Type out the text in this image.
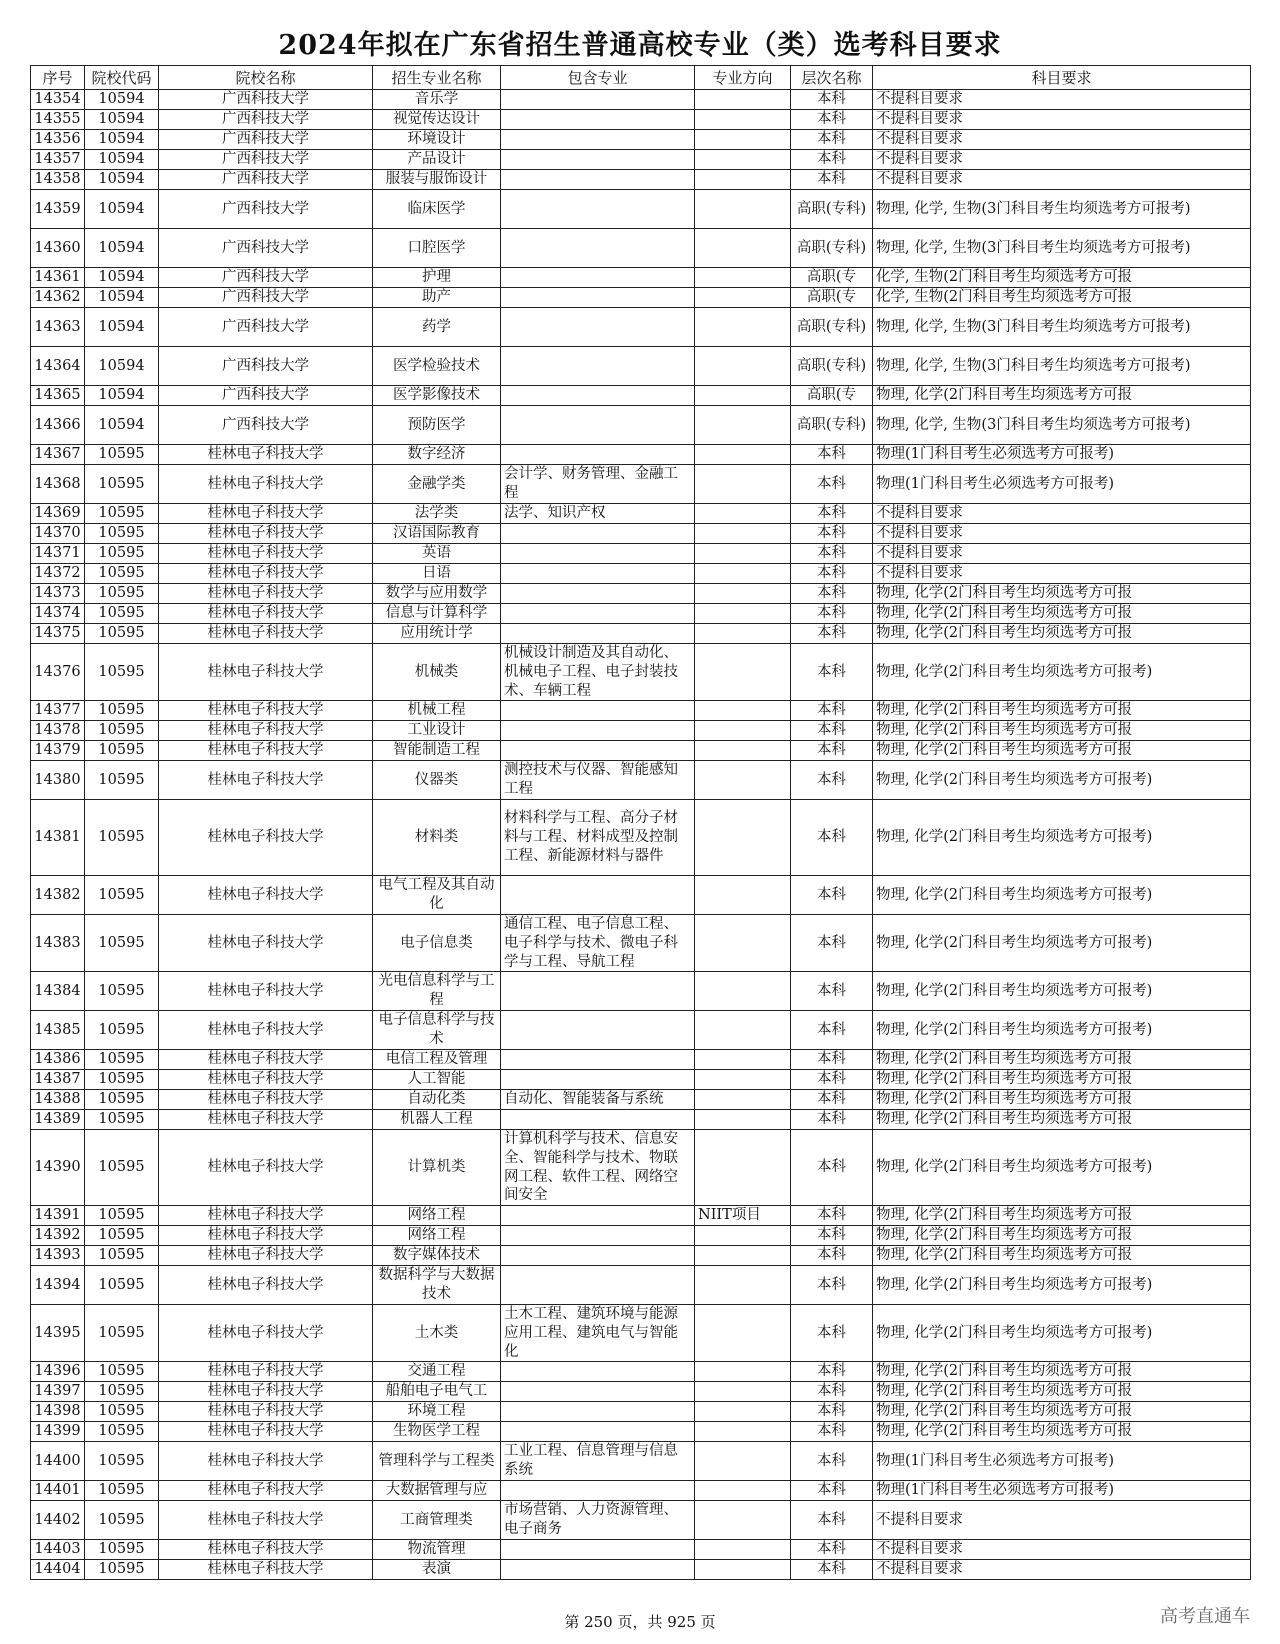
2024年拟在广东省招生普通高校专业（类）选考科目要求
序号	院校代码	院校名称	招生专业名称	包含专业	专业方向	层次名称	科目要求

14354	10594	广西科技大学	音乐学			本科	不提科目要求

14355	10594	广西科技大学	视觉传达设计			本科	不提科目要求

14356	10594	广西科技大学	环境设计			本科	不提科目要求

14357	10594	广西科技大学	产品设计			本科	不提科目要求

14358	10594	广西科技大学	服装与服饰设计			本科	不提科目要求

14359	10594	广西科技大学	临床医学			高职(专科)	物理, 化学, 生物(3门科目考生均须选考方可报考)

14360	10594	广西科技大学	口腔医学			高职(专科)	物理, 化学, 生物(3门科目考生均须选考方可报考)

14361	10594	广西科技大学	护理			高职(专	化学, 生物(2门科目考生均须选考方可报

14362	10594	广西科技大学	助产			高职(专	化学, 生物(2门科目考生均须选考方可报

14363	10594	广西科技大学	药学			高职(专科)	物理, 化学, 生物(3门科目考生均须选考方可报考)

14364	10594	广西科技大学	医学检验技术			高职(专科)	物理, 化学, 生物(3门科目考生均须选考方可报考)

14365	10594	广西科技大学	医学影像技术			高职(专	物理, 化学(2门科目考生均须选考方可报

14366	10594	广西科技大学	预防医学			高职(专科)	物理, 化学, 生物(3门科目考生均须选考方可报考)

14367	10595	桂林电子科技大学	数字经济			本科	物理(1门科目考生必须选考方可报考)

14368	10595	桂林电子科技大学	金融学类	会计学、财务管理、金融工程		本科	物理(1门科目考生必须选考方可报考)

14369	10595	桂林电子科技大学	法学类	法学、知识产权		本科	不提科目要求

14370	10595	桂林电子科技大学	汉语国际教育			本科	不提科目要求

14371	10595	桂林电子科技大学	英语			本科	不提科目要求

14372	10595	桂林电子科技大学	日语			本科	不提科目要求

14373	10595	桂林电子科技大学	数学与应用数学			本科	物理, 化学(2门科目考生均须选考方可报

14374	10595	桂林电子科技大学	信息与计算科学			本科	物理, 化学(2门科目考生均须选考方可报

14375	10595	桂林电子科技大学	应用统计学			本科	物理, 化学(2门科目考生均须选考方可报

14376	10595	桂林电子科技大学	机械类	机械设计制造及其自动化、机械电子工程、电子封装技术、车辆工程		本科	物理, 化学(2门科目考生均须选考方可报考)

14377	10595	桂林电子科技大学	机械工程			本科	物理, 化学(2门科目考生均须选考方可报

14378	10595	桂林电子科技大学	工业设计			本科	物理, 化学(2门科目考生均须选考方可报

14379	10595	桂林电子科技大学	智能制造工程			本科	物理, 化学(2门科目考生均须选考方可报

14380	10595	桂林电子科技大学	仪器类	测控技术与仪器、智能感知工程		本科	物理, 化学(2门科目考生均须选考方可报考)

14381	10595	桂林电子科技大学	材料类	材料科学与工程、高分子材料与工程、材料成型及控制工程、新能源材料与器件		本科	物理, 化学(2门科目考生均须选考方可报考)

14382	10595	桂林电子科技大学	电气工程及其自动化			本科	物理, 化学(2门科目考生均须选考方可报考)

14383	10595	桂林电子科技大学	电子信息类	通信工程、电子信息工程、电子科学与技术、微电子科学与工程、导航工程		本科	物理, 化学(2门科目考生均须选考方可报考)

14384	10595	桂林电子科技大学	光电信息科学与工程			本科	物理, 化学(2门科目考生均须选考方可报考)

14385	10595	桂林电子科技大学	电子信息科学与技术			本科	物理, 化学(2门科目考生均须选考方可报考)

14386	10595	桂林电子科技大学	电信工程及管理			本科	物理, 化学(2门科目考生均须选考方可报

14387	10595	桂林电子科技大学	人工智能			本科	物理, 化学(2门科目考生均须选考方可报

14388	10595	桂林电子科技大学	自动化类	自动化、智能装备与系统		本科	物理, 化学(2门科目考生均须选考方可报

14389	10595	桂林电子科技大学	机器人工程			本科	物理, 化学(2门科目考生均须选考方可报

14390	10595	桂林电子科技大学	计算机类	计算机科学与技术、信息安全、智能科学与技术、物联网工程、软件工程、网络空间安全		本科	物理, 化学(2门科目考生均须选考方可报考)

14391	10595	桂林电子科技大学	网络工程		NIIT项目	本科	物理, 化学(2门科目考生均须选考方可报

14392	10595	桂林电子科技大学	网络工程			本科	物理, 化学(2门科目考生均须选考方可报

14393	10595	桂林电子科技大学	数字媒体技术			本科	物理, 化学(2门科目考生均须选考方可报

14394	10595	桂林电子科技大学	数据科学与大数据技术			本科	物理, 化学(2门科目考生均须选考方可报考)

14395	10595	桂林电子科技大学	土木类	土木工程、建筑环境与能源应用工程、建筑电气与智能化		本科	物理, 化学(2门科目考生均须选考方可报考)

14396	10595	桂林电子科技大学	交通工程			本科	物理, 化学(2门科目考生均须选考方可报

14397	10595	桂林电子科技大学	船舶电子电气工			本科	物理, 化学(2门科目考生均须选考方可报

14398	10595	桂林电子科技大学	环境工程			本科	物理, 化学(2门科目考生均须选考方可报

14399	10595	桂林电子科技大学	生物医学工程			本科	物理, 化学(2门科目考生均须选考方可报

14400	10595	桂林电子科技大学	管理科学与工程类	工业工程、信息管理与信息系统		本科	物理(1门科目考生必须选考方可报考)

14401	10595	桂林电子科技大学	大数据管理与应			本科	物理(1门科目考生必须选考方可报考)

14402	10595	桂林电子科技大学	工商管理类	市场营销、人力资源管理、电子商务		本科	不提科目要求

14403	10595	桂林电子科技大学	物流管理			本科	不提科目要求

14404	10595	桂林电子科技大学	表演			本科	不提科目要求
第 250 页，共 925 页	高考直通车
